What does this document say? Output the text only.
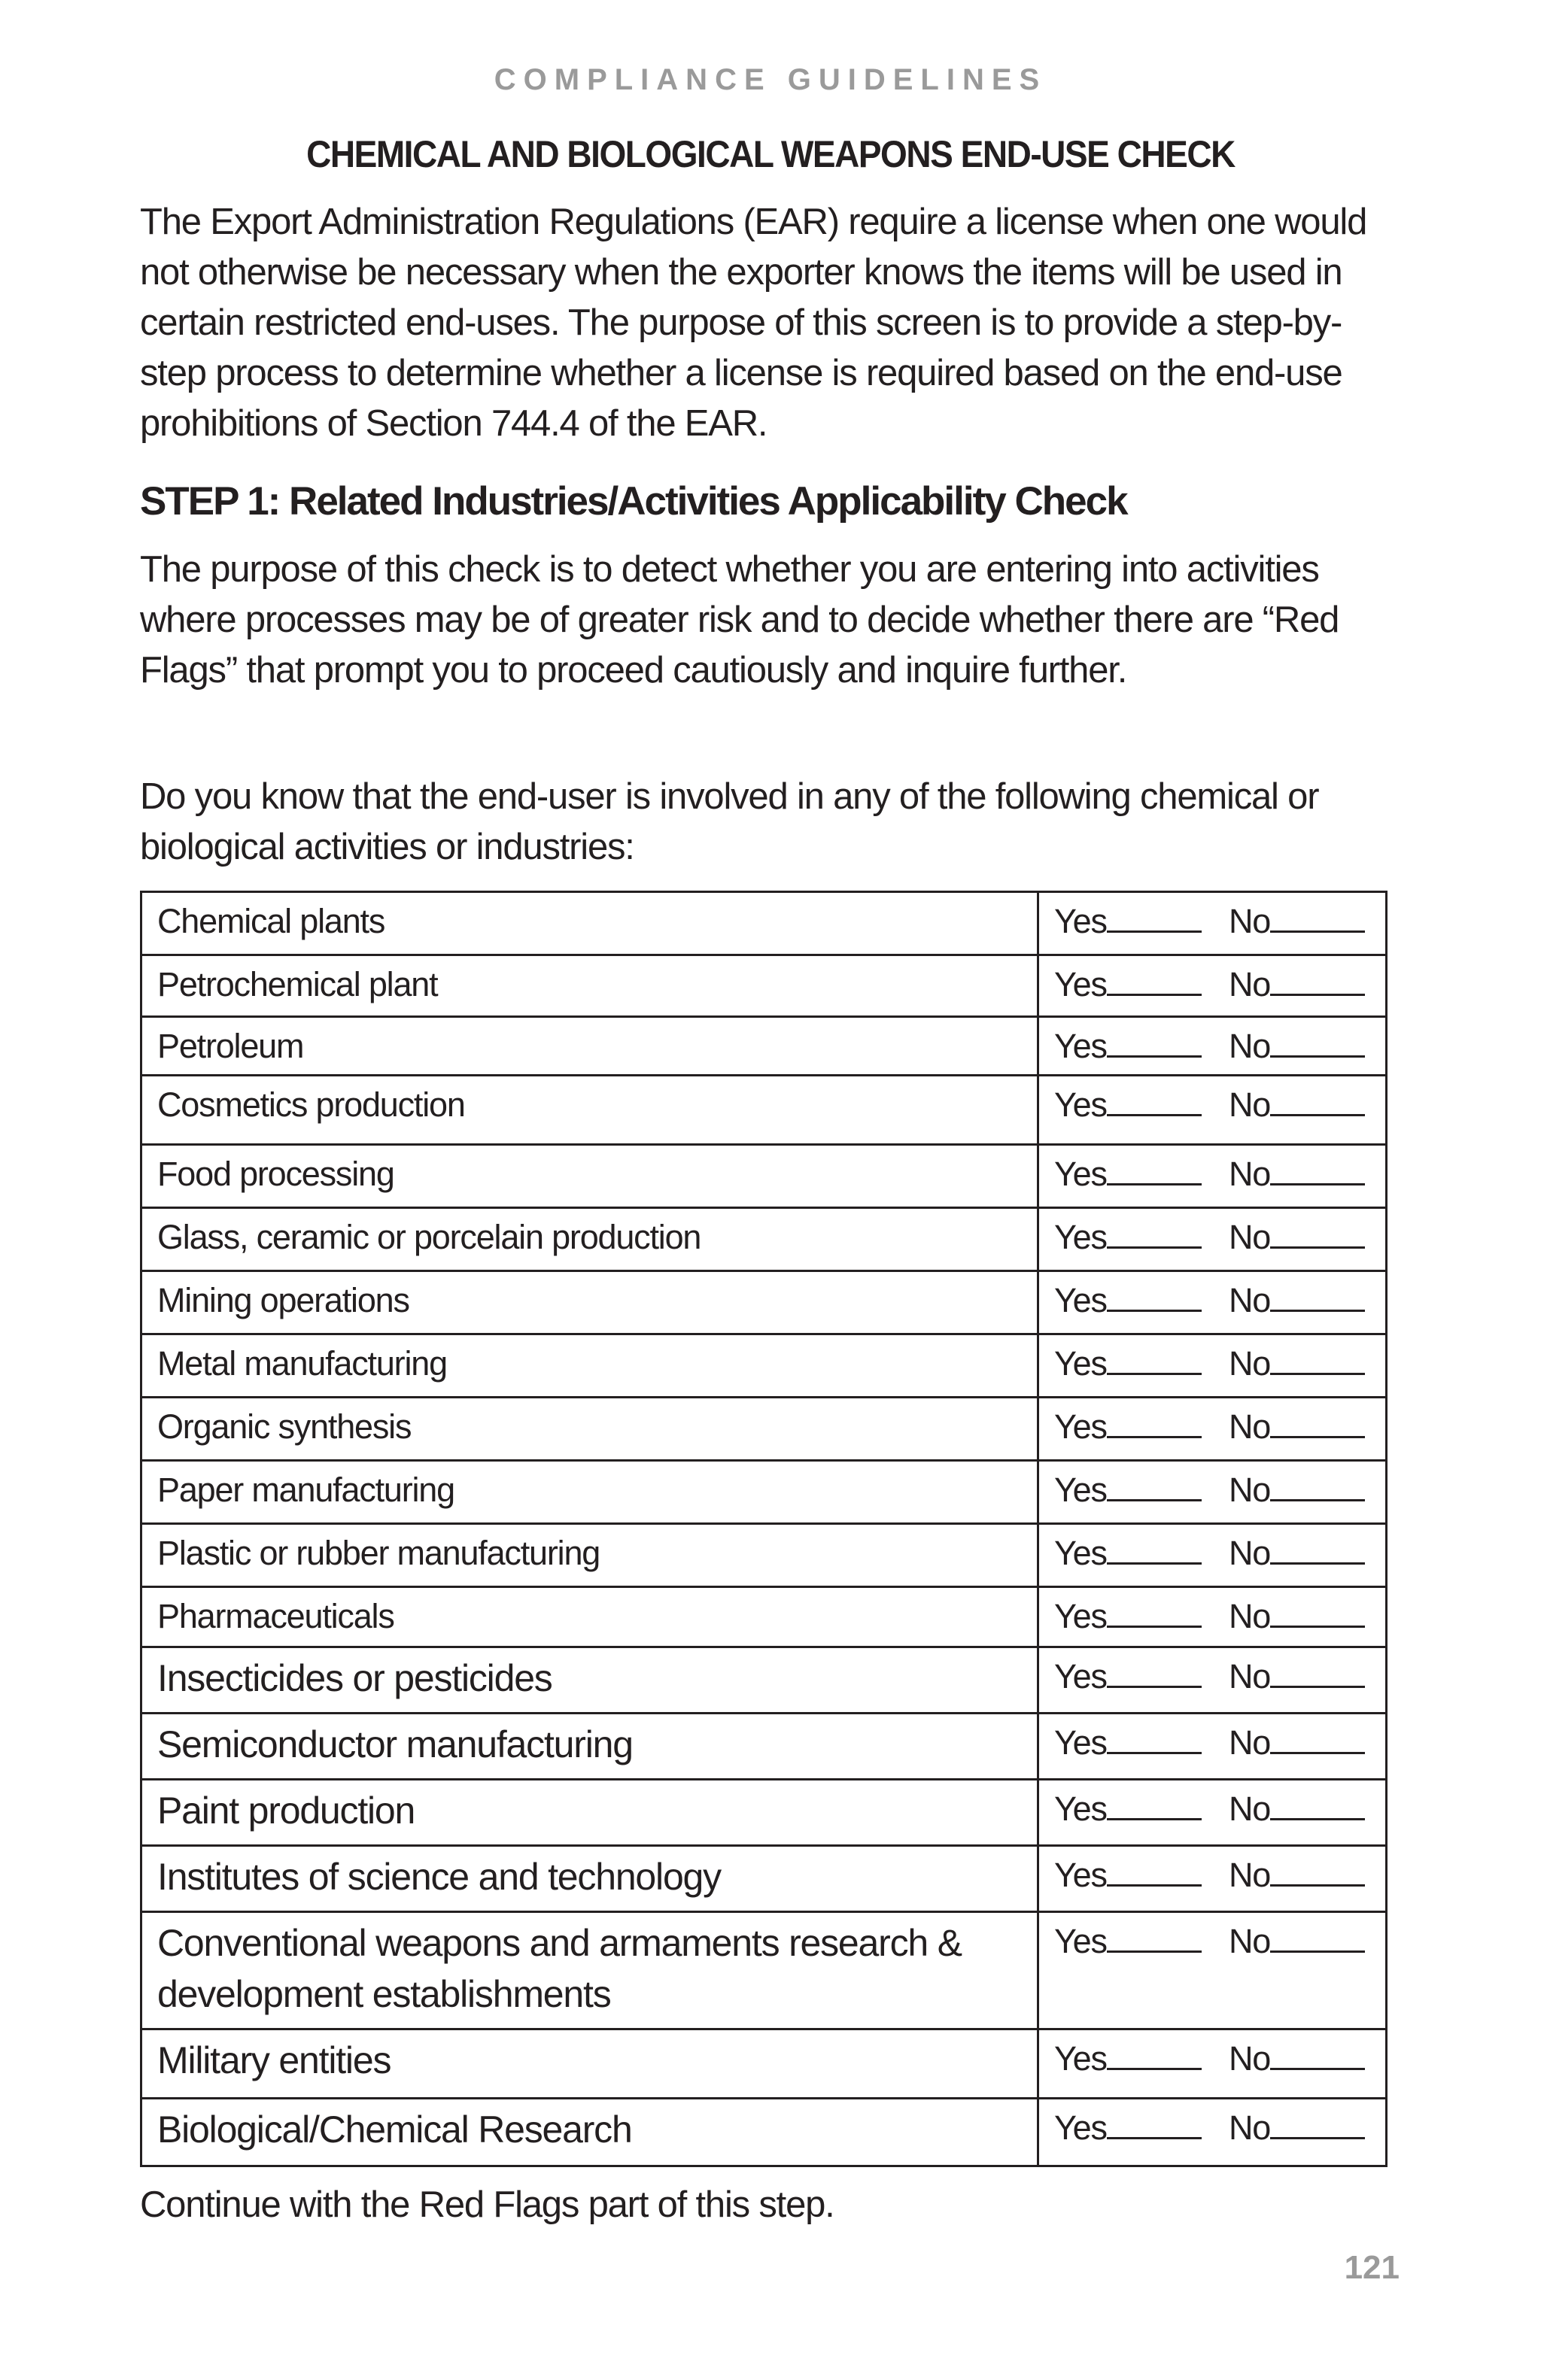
COMPLIANCE GUIDELINES
CHEMICAL AND BIOLOGICAL WEAPONS END-USE CHECK

The Export Administration Regulations (EAR) require a license when one would not otherwise be necessary when the exporter knows the items will be used in certain restricted end-uses. The purpose of this screen is to provide a step-by-step process to determine whether a license is required based on the end-use prohibitions of Section 744.4 of the EAR.

STEP 1: Related Industries/Activities Applicability Check

The purpose of this check is to detect whether you are entering into activities where processes may be of greater risk and to decide whether there are “Red Flags” that prompt you to proceed cautiously and inquire further.

Do you know that the end-user is involved in any of the following chemical or biological activities or industries:

Chemical plants	Yes No
Petrochemical plant	Yes No
Petroleum	Yes No
Cosmetics production	Yes No
Food processing	Yes No
Glass, ceramic or porcelain production	Yes No
Mining operations	Yes No
Metal manufacturing	Yes No
Organic synthesis	Yes No
Paper manufacturing	Yes No
Plastic or rubber manufacturing	Yes No
Pharmaceuticals	Yes No
Insecticides or pesticides	Yes No
Semiconductor manufacturing	Yes No
Paint production	Yes No
Institutes of science and technology	Yes No
Conventional weapons and armaments research & development establishments	Yes No
Military entities	Yes No
Biological/Chemical Research	Yes No

Continue with the Red Flags part of this step.

121
